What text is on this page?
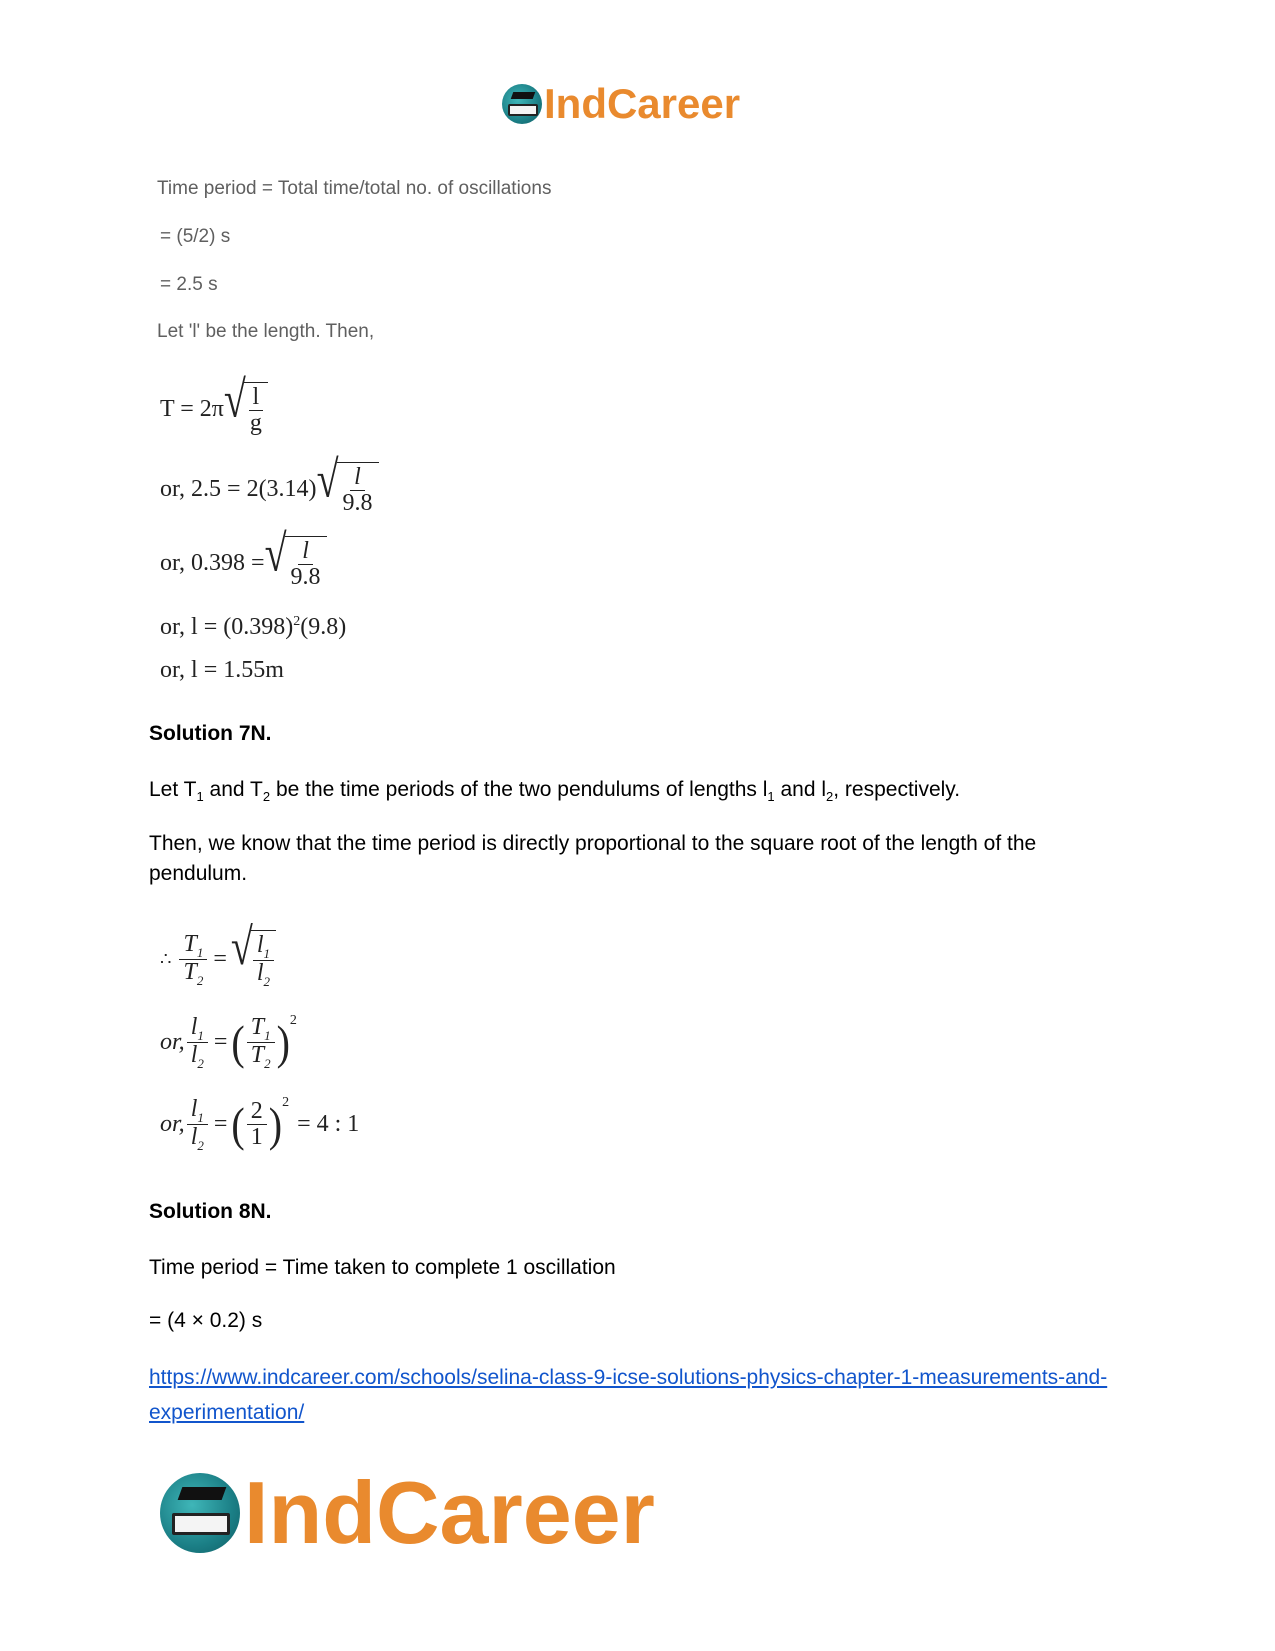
IndCareer
Time period = Total time/total no. of oscillations
= (5/2) s
= 2.5 s
Let 'l' be the length. Then,
T = 2π √ $\frac{l}{g}$
or, 2.5 = 2(3.14) √ $\frac{l}{9.8}$
or, 0.398 = √ $\frac{l}{9.8}$
or, l = (0.398) 2 (9.8)
or, l = 1.55m
Solution 7N.
Let $T_1$ and $T_2$ be the time periods of the two pendulums of lengths $l_1$ and $l_2$, respectively.
Then, we know that the time period is directly proportional to the square root of the length of the pendulum.
∴ $\frac{T_1}{T_2}$ = √ $\frac{l_1}{l_2}$
or, $\frac{l_1}{l_2}$ = ( $\frac{T_1}{T_2}$ ) 2
or, $\frac{l_1}{l_2}$ = ( $\frac{2}{1}$ ) 2
= 4 : 1
Solution 8N.
Time period = Time taken to complete 1 oscillation
= (4 × 0.2) s
https://www.indcareer.com/schools/selina-class-9-icse-solutions-physics-chapter-1-measurements-and-experimentation/
IndCareer
